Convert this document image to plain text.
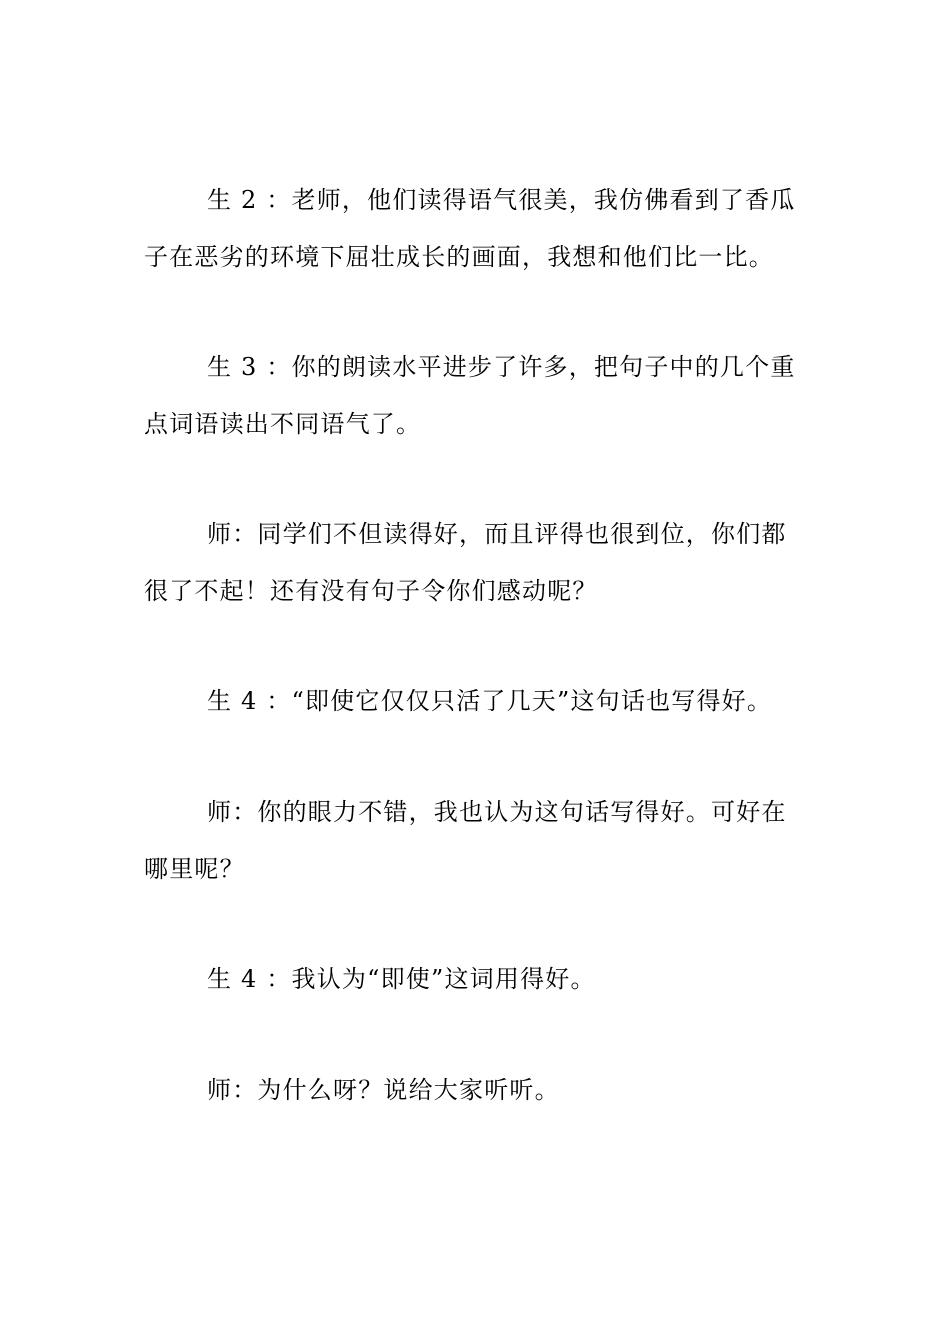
生 2 ：老师，他们读得语气很美，我仿佛看到了香瓜子在恶劣的环境下屈壮成长的画面，我想和他们比一比。

生 3 ：你的朗读水平进步了许多，把句子中的几个重点词语读出不同语气了。

师：同学们不但读得好，而且评得也很到位，你们都很了不起！还有没有句子令你们感动呢？

生 4 ：“即使它仅仅只活了几天”这句话也写得好。

师：你的眼力不错，我也认为这句话写得好。可好在哪里呢？

生 4 ：我认为“即使”这词用得好。

师：为什么呀？说给大家听听。
